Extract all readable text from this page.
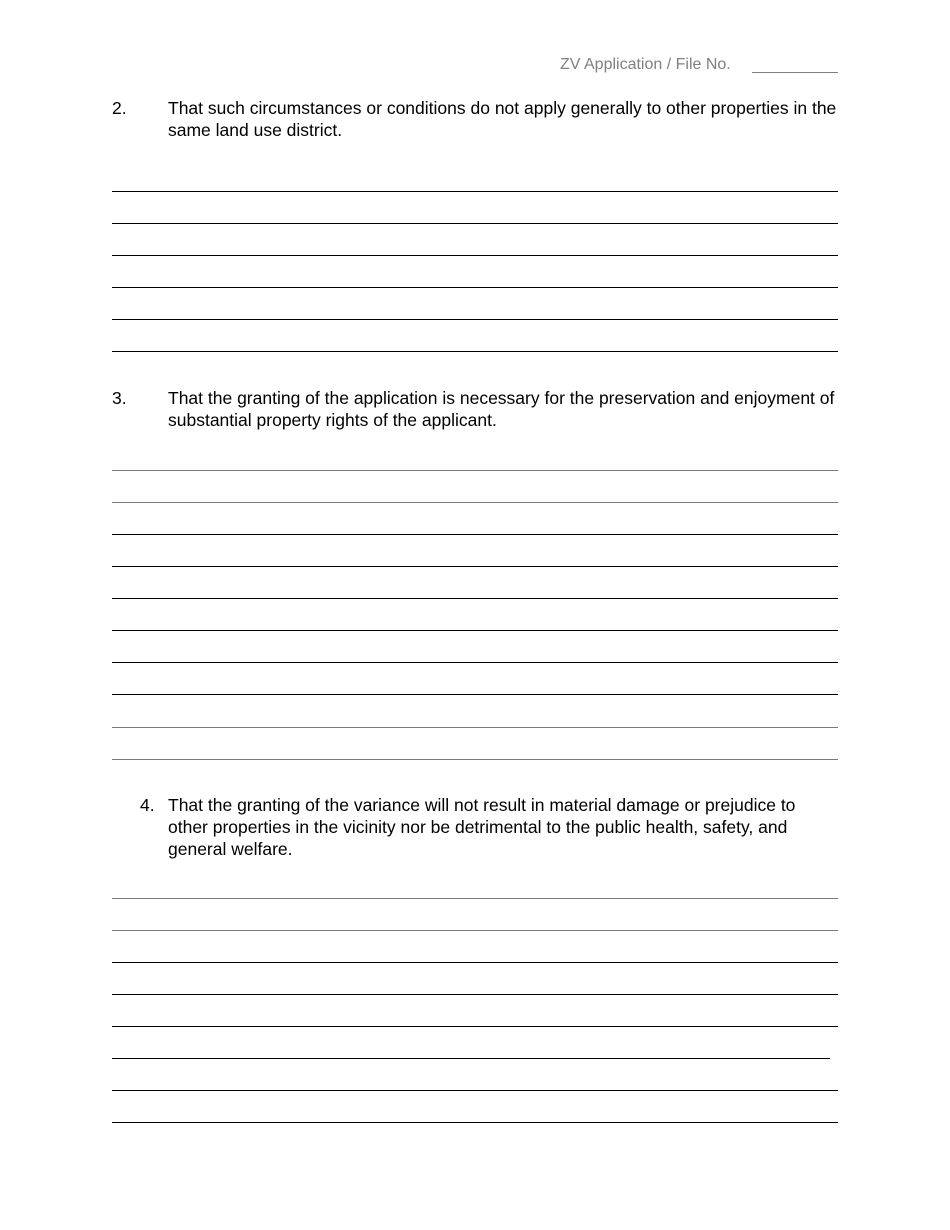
ZV Application / File No.
2. That such circumstances or conditions do not apply generally to other properties in the same land use district.
3. That the granting of the application is necessary for the preservation and enjoyment of substantial property rights of the applicant.
4. That the granting of the variance will not result in material damage or prejudice to other properties in the vicinity nor be detrimental to the public health, safety, and general welfare.
